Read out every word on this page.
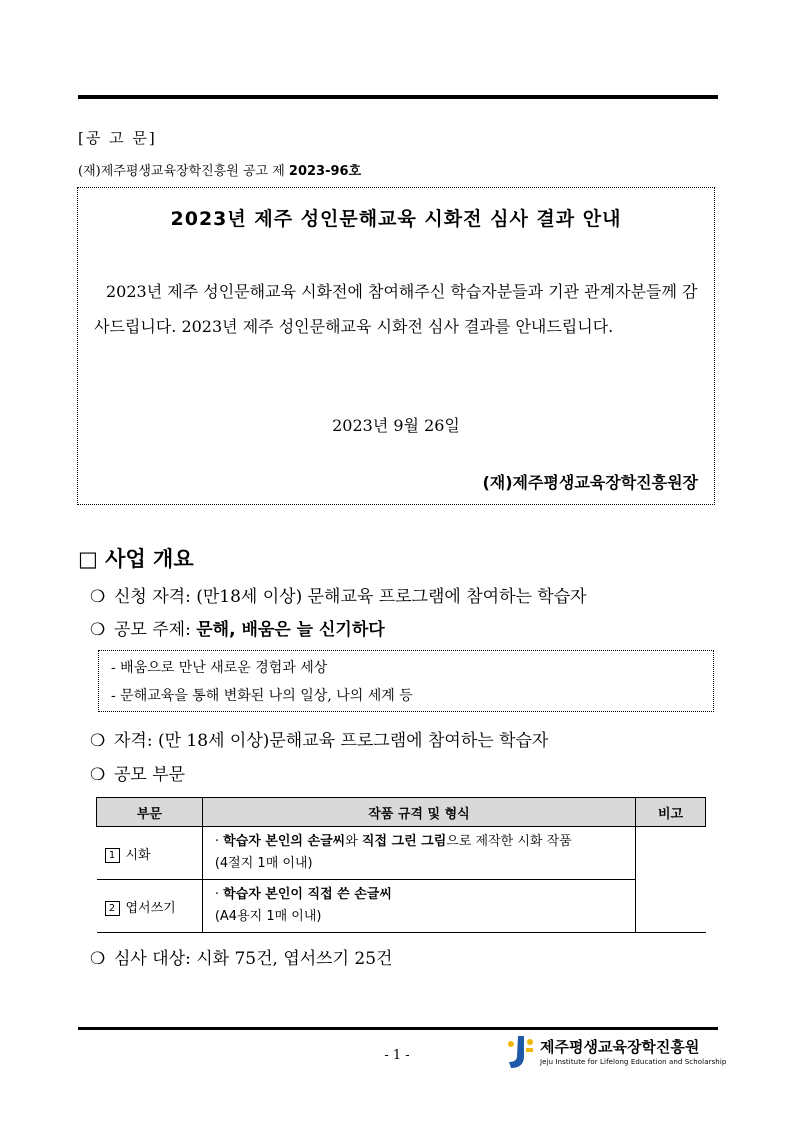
[공 고 문]
(재)제주평생교육장학진흥원 공고 제 2023-96호
2023년 제주 성인문해교육 시화전 심사 결과 안내
2023년 제주 성인문해교육 시화전에 참여해주신 학습자분들과 기관 관계자분들께 감사드립니다. 2023년 제주 성인문해교육 시화전 심사 결과를 안내드립니다.
2023년 9월 26일
(재)제주평생교육장학진흥원장
□ 사업 개요
❍ 신청 자격: (만18세 이상) 문해교육 프로그램에 참여하는 학습자
❍ 공모 주제: 문해, 배움은 늘 신기하다
- 배움으로 만난 새로운 경험과 세상
- 문해교육을 통해 변화된 나의 일상, 나의 세계 등
❍ 자격: (만 18세 이상)문해교육 프로그램에 참여하는 학습자
❍ 공모 부문
부문	작품 규격 및 형식	비고
1 시화	· 학습자 본인의 손글씨와 직접 그린 그림으로 제작한 시화 작품
(4절지 1매 이내)	

2 엽서쓰기	· 학습자 본인이 직접 쓴 손글씨
(A4용지 1매 이내)	
❍ 심사 대상: 시화 75건, 엽서쓰기 25건
- 1 -	제주평생교육장학진흥원
Jeju Institute for Lifelong Education and Scholarship
